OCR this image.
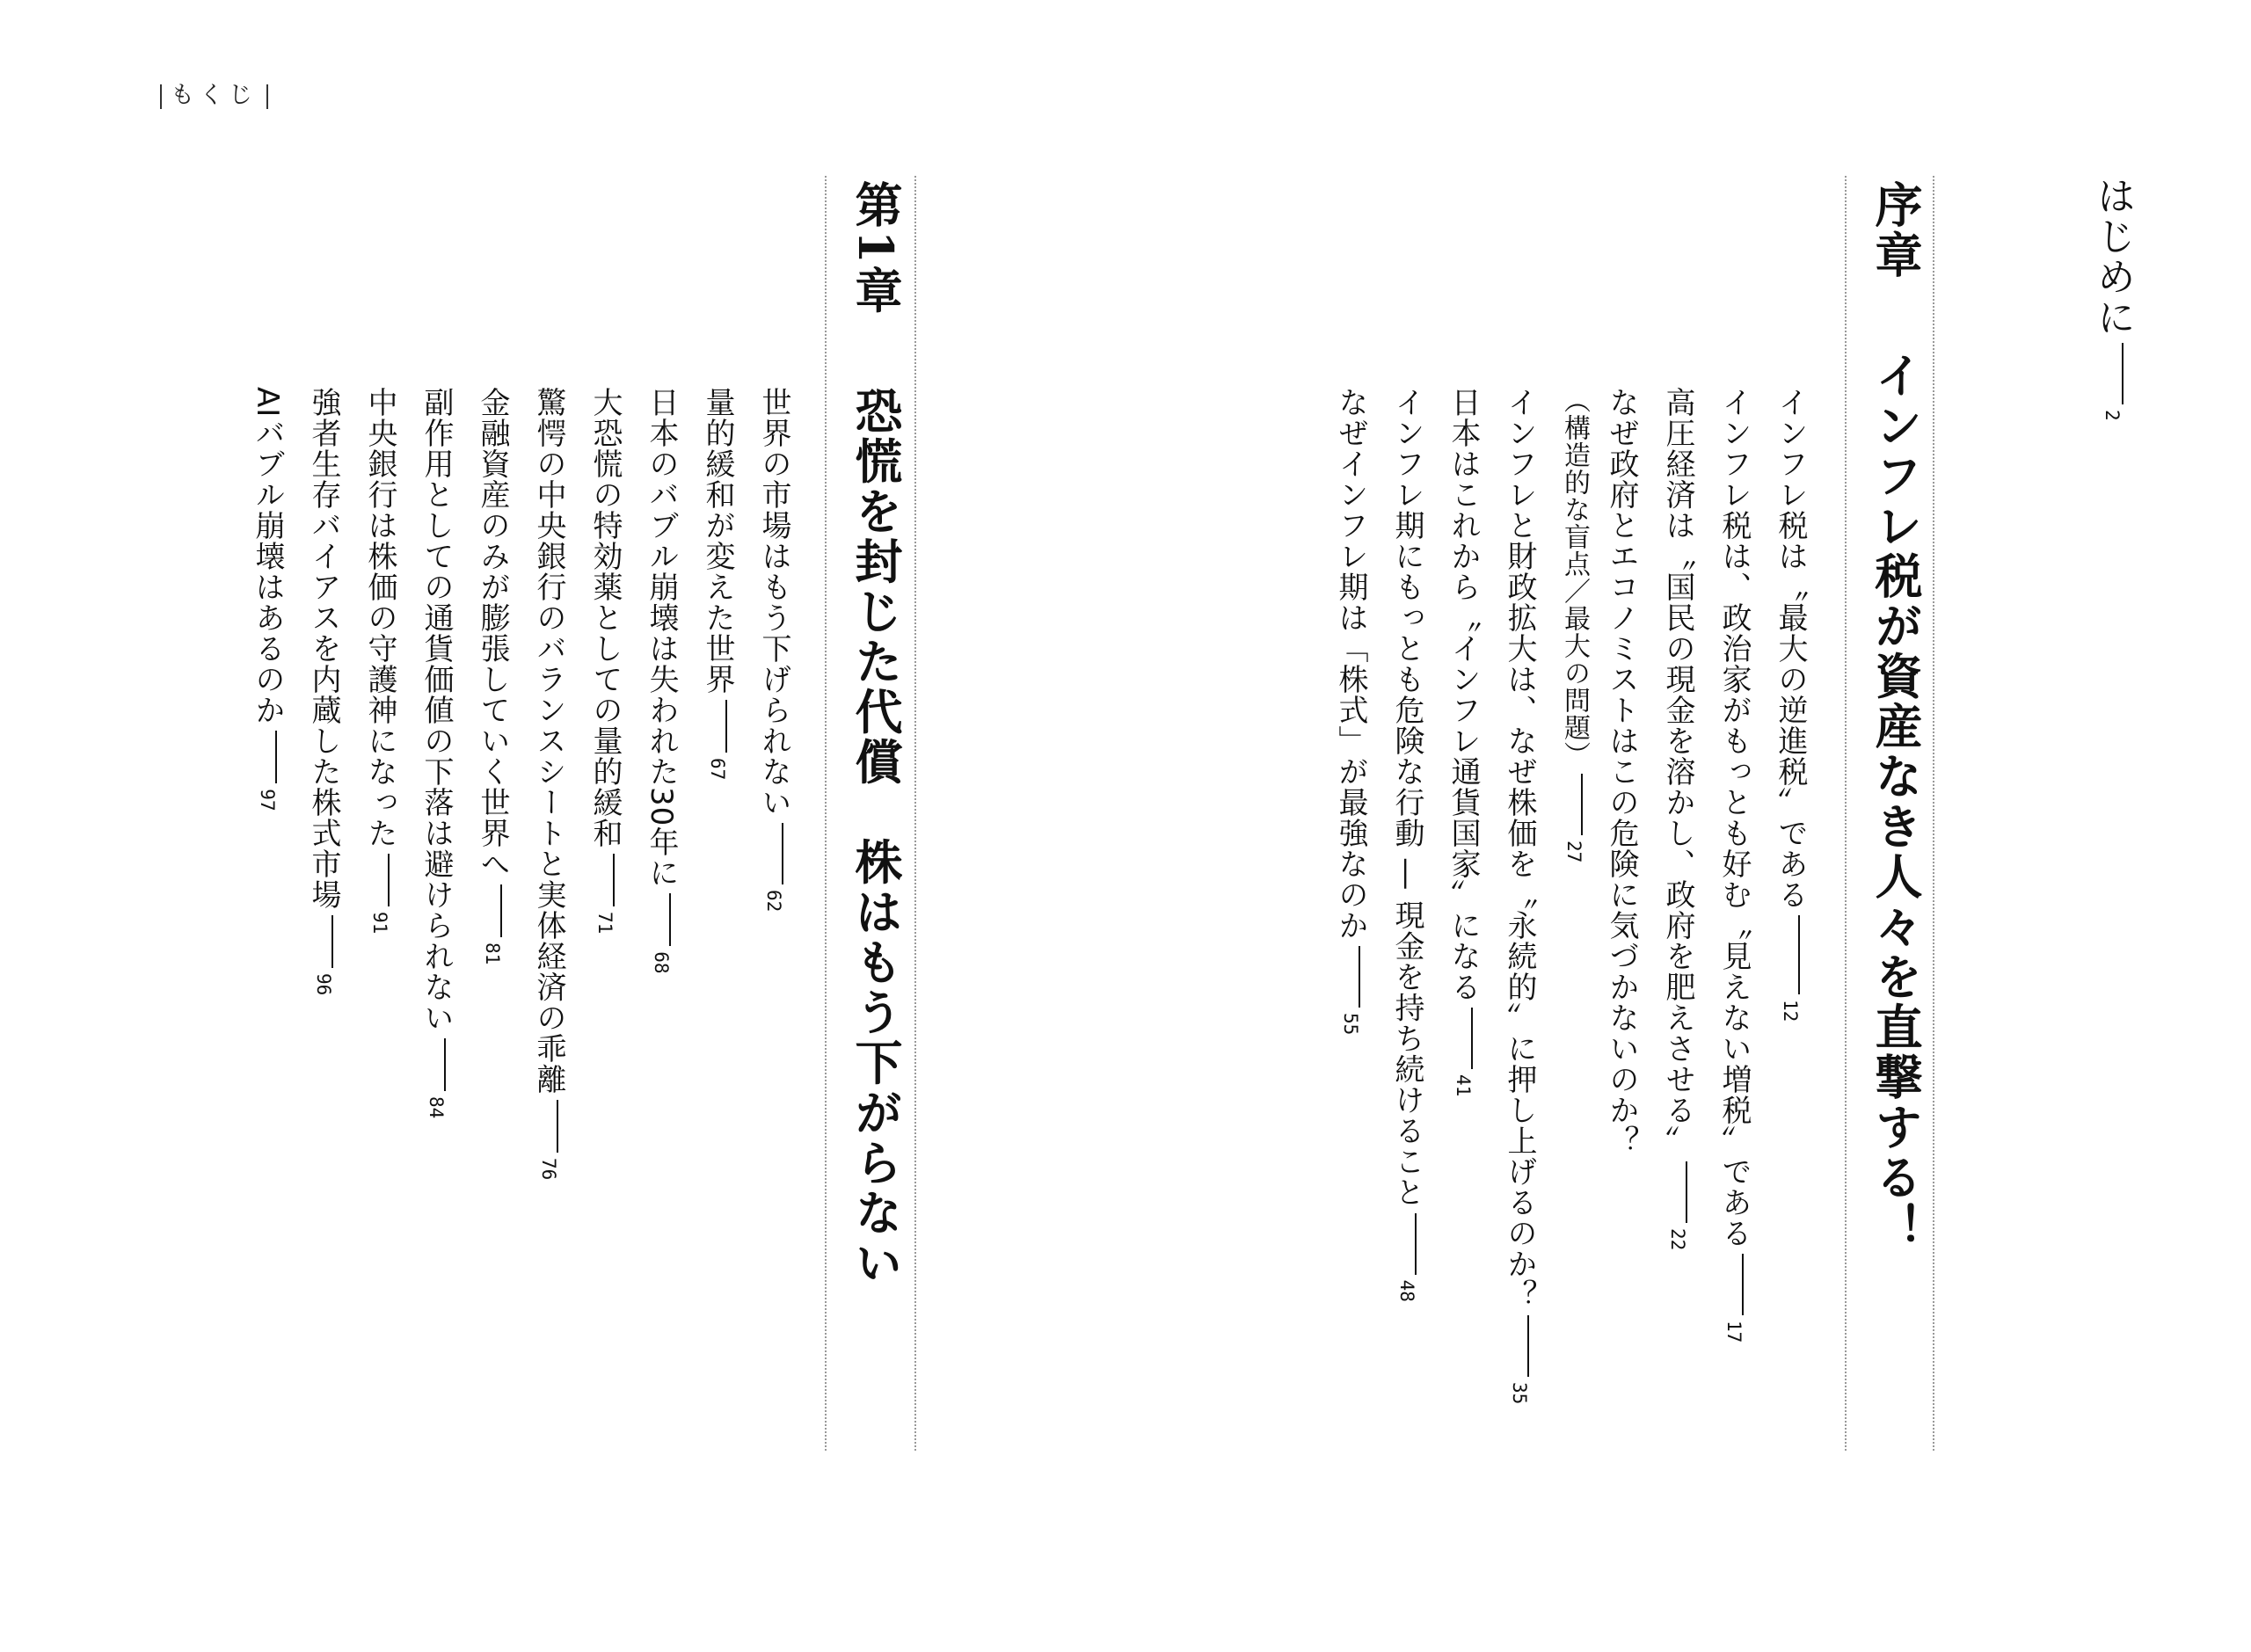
もくじ
はじめに2
序章インフレ税が資産なき人々を直撃する！
インフレ税は〝最大の逆進税〟である12
インフレ税は、政治家がもっとも好む〝見えない増税〟である17
高圧経済は〝国民の現金を溶かし、政府を肥えさせる〟22
なぜ政府とエコノミストはこの危険に気づかないのか？
（構造的な盲点／最大の問題）27
インフレと財政拡大は、なぜ株価を〝永続的〟に押し上げるのか？35
日本はこれから〝インフレ通貨国家〟になる41
インフレ期にもっとも危険な行動 ― 現金を持ち続けること48
なぜインフレ期は「株式」が最強なのか55
第1章恐慌を封じた代償　株はもう下がらない
世界の市場はもう下げられない62
量的緩和が変えた世界67
日本のバブル崩壊は失われた30年に68
大恐慌の特効薬としての量的緩和71
驚愕の中央銀行のバランスシートと実体経済の乖離76
金融資産のみが膨張していく世界へ81
副作用としての通貨価値の下落は避けられない84
中央銀行は株価の守護神になった91
強者生存バイアスを内蔵した株式市場96
AIバブル崩壊はあるのか97
